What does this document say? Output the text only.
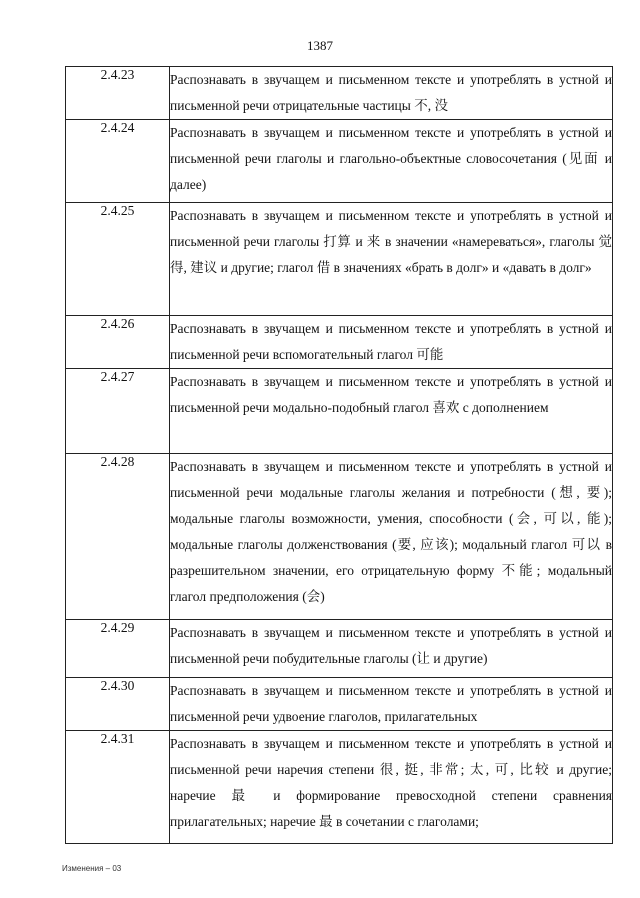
1387
2.4.23	Распознавать в звучащем и письменном тексте и употреблять в устной и письменной речи отрицательные частицы 不, 没
2.4.24	Распознавать в звучащем и письменном тексте и употреблять в устной и письменной речи глаголы и глагольно-объектные словосочетания (见面 и далее)
2.4.25	Распознавать в звучащем и письменном тексте и употреблять в устной и письменной речи глаголы 打算 и 来 в значении «намереваться», глаголы 觉得, 建议 и другие; глагол 借 в значениях «брать в долг» и «давать в долг»
2.4.26	Распознавать в звучащем и письменном тексте и употреблять в устной и письменной речи вспомогательный глагол 可能
2.4.27	Распознавать в звучащем и письменном тексте и употреблять в устной и письменной речи модально-подобный глагол 喜欢 с дополнением
2.4.28	Распознавать в звучащем и письменном тексте и употреблять в устной и письменной речи модальные глаголы желания и потребности (想, 要); модальные глаголы возможности, умения, способности (会, 可以, 能); модальные глаголы долженствования (要, 应该); модальный глагол 可以 в разрешительном значении, его отрицательную форму 不能; модальный глагол предположения (会)
2.4.29	Распознавать в звучащем и письменном тексте и употреблять в устной и письменной речи побудительные глаголы (让 и другие)
2.4.30	Распознавать в звучащем и письменном тексте и употреблять в устной и письменной речи удвоение глаголов, прилагательных
2.4.31	Распознавать в звучащем и письменном тексте и употреблять в устной и письменной речи наречия степени 很, 挺, 非常; 太, 可, 比较 и другие; наречие 最 и формирование превосходной степени сравнения прилагательных; наречие 最 в сочетании с глаголами;
Изменения – 03
